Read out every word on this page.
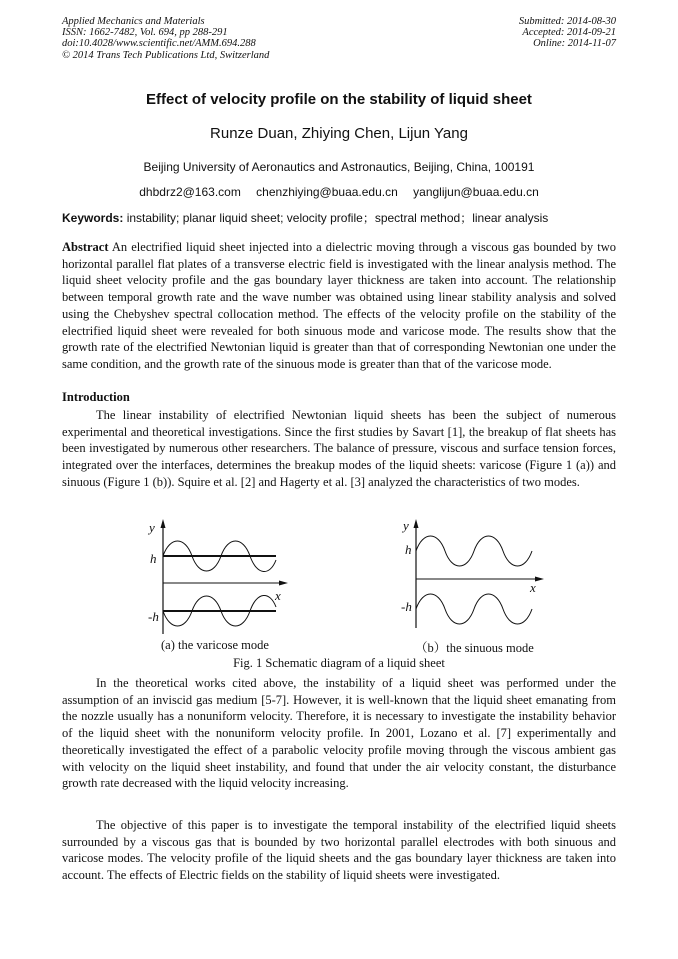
Applied Mechanics and Materials
ISSN: 1662-7482, Vol. 694, pp 288-291
doi:10.4028/www.scientific.net/AMM.694.288
© 2014 Trans Tech Publications Ltd, Switzerland
Submitted: 2014-08-30
Accepted: 2014-09-21
Online: 2014-11-07
Effect of velocity profile on the stability of liquid sheet
Runze Duan, Zhiying Chen, Lijun Yang
Beijing University of Aeronautics and Astronautics, Beijing, China, 100191
dhbdrz2@163.com chenzhiying@buaa.edu.cn yanglijun@buaa.edu.cn
Keywords: instability; planar liquid sheet; velocity profile；spectral method；linear analysis
Abstract An electrified liquid sheet injected into a dielectric moving through a viscous gas bounded by two horizontal parallel flat plates of a transverse electric field is investigated with the linear analysis method. The liquid sheet velocity profile and the gas boundary layer thickness are taken into account. The relationship between temporal growth rate and the wave number was obtained using linear stability analysis and solved using the Chebyshev spectral collocation method. The effects of the velocity profile on the stability of the electrified liquid sheet were revealed for both sinuous mode and varicose mode. The results show that the growth rate of the electrified Newtonian liquid is greater than that of corresponding Newtonian one under the same condition, and the growth rate of the sinuous mode is greater than that of the varicose mode.
Introduction
The linear instability of electrified Newtonian liquid sheets has been the subject of numerous experimental and theoretical investigations. Since the first studies by Savart [1], the breakup of flat sheets has been investigated by numerous other researchers. The balance of pressure, viscous and surface tension forces, integrated over the interfaces, determines the breakup modes of the liquid sheets: varicose (Figure 1 (a)) and sinuous (Figure 1 (b)). Squire et al. [2] and Hagerty et al. [3] analyzed the characteristics of two modes.
y
h
-h
x
y
h
-h
x
(a) the varicose mode	（b）the sinuous mode
Fig. 1 Schematic diagram of a liquid sheet
In the theoretical works cited above, the instability of a liquid sheet was performed under the assumption of an inviscid gas medium [5-7]. However, it is well-known that the liquid sheet emanating from the nozzle usually has a nonuniform velocity. Therefore, it is necessary to investigate the instability behavior of the liquid sheet with the nonuniform velocity profile. In 2001, Lozano et al. [7] experimentally and theoretically investigated the effect of a parabolic velocity profile moving through the viscous ambient gas with velocity on the liquid sheet instability, and found that under the air velocity constant, the disturbance growth rate decreased with the liquid velocity increasing.
The objective of this paper is to investigate the temporal instability of the electrified liquid sheets surrounded by a viscous gas that is bounded by two horizontal parallel electrodes with both sinuous and varicose modes. The velocity profile of the liquid sheets and the gas boundary layer thickness are taken into account. The effects of Electric fields on the stability of liquid sheets were investigated.
